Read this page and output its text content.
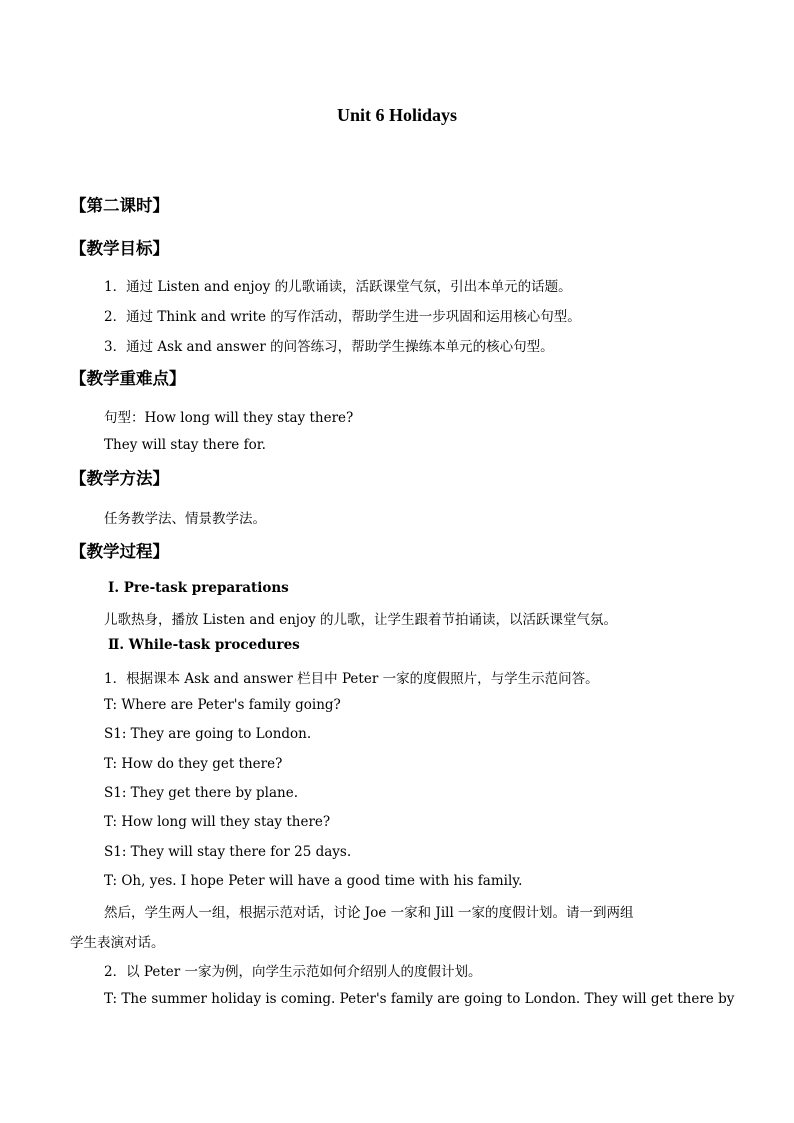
Unit 6 Holidays
【第二课时】
【教学目标】
1．通过 Listen and enjoy 的儿歌诵读，活跃课堂气氛，引出本单元的话题。
2．通过 Think and write 的写作活动，帮助学生进一步巩固和运用核心句型。
3．通过 Ask and answer 的问答练习，帮助学生操练本单元的核心句型。
【教学重难点】
句型：How long will they stay there?
They will stay there for.
【教学方法】
任务教学法、情景教学法。
【教学过程】
Ⅰ. Pre-task preparations
儿歌热身，播放 Listen and enjoy 的儿歌，让学生跟着节拍诵读，以活跃课堂气氛。
Ⅱ. While-task procedures
1．根据课本 Ask and answer 栏目中 Peter 一家的度假照片，与学生示范问答。
T: Where are Peter's family going?
S1: They are going to London.
T: How do they get there?
S1: They get there by plane.
T: How long will they stay there?
S1: They will stay there for 25 days.
T: Oh, yes. I hope Peter will have a good time with his family.
然后，学生两人一组，根据示范对话，讨论 Joe 一家和 Jill 一家的度假计划。请一到两组
学生表演对话。
2．以 Peter 一家为例，向学生示范如何介绍别人的度假计划。
T: The summer holiday is coming. Peter's family are going to London. They will get there by
